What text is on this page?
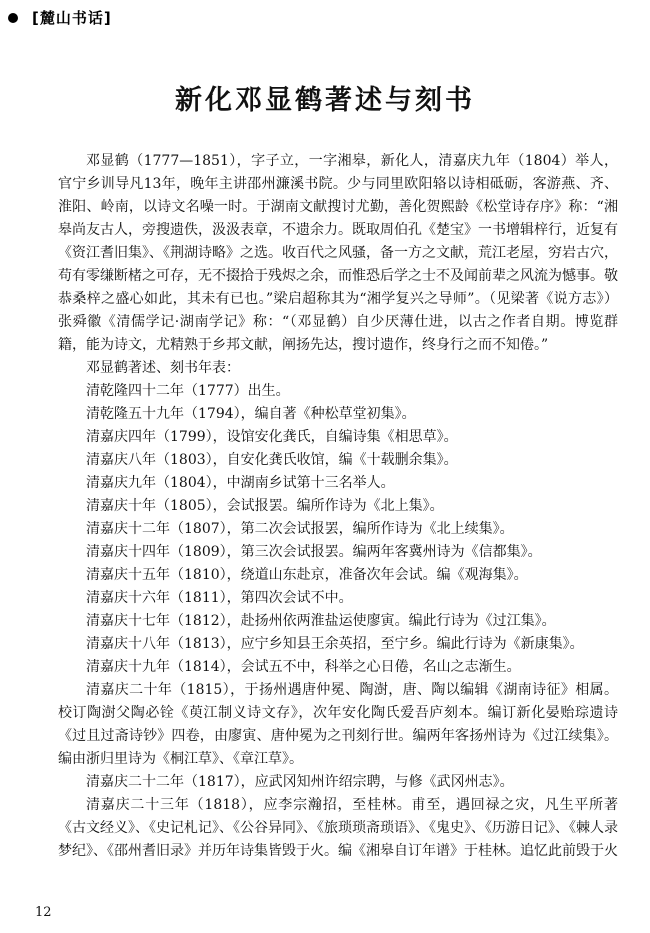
[麓山书话]
新化邓显鹤著述与刻书

邓显鹤（1777—1851），字子立，一字湘皋，新化人，清嘉庆九年（1804）举人，官宁乡训导凡13年，晚年主讲邵州濂溪书院。少与同里欧阳辂以诗相砥砺，客游燕、齐、淮阳、岭南，以诗文名噪一时。于湖南文献搜讨尤勤，善化贺熙龄《松堂诗存序》称：“湘皋尚友古人，旁搜遗佚，汲汲表章，不遗余力。既取周伯孔《楚宝》一书增辑梓行，近复有《资江耆旧集》、《荆湖诗略》之选。收百代之风骚，备一方之文献，荒江老屋，穷岩古穴，苟有零缣断楮之可存，无不掇拾于残烬之余，而惟恐后学之士不及闻前辈之风流为憾事。敬恭桑梓之盛心如此，其未有已也。”梁启超称其为“湘学复兴之导师”。（见梁著《说方志》）张舜徽《清儒学记·湖南学记》称：“（邓显鹤）自少厌薄仕进，以古之作者自期。博览群籍，能为诗文，尤精熟于乡邦文献，阐扬先达，搜讨遗作，终身行之而不知倦。”

邓显鹤著述、刻书年表：

清乾隆四十二年（1777）出生。
清乾隆五十九年（1794），编自著《种松草堂初集》。
清嘉庆四年（1799），设馆安化龚氏，自编诗集《相思草》。
清嘉庆八年（1803），自安化龚氏收馆，编《十载删余集》。
清嘉庆九年（1804），中湖南乡试第十三名举人。
清嘉庆十年（1805），会试报罢。编所作诗为《北上集》。
清嘉庆十二年（1807），第二次会试报罢，编所作诗为《北上续集》。
清嘉庆十四年（1809），第三次会试报罢。编两年客冀州诗为《信都集》。
清嘉庆十五年（1810），绕道山东赴京，准备次年会试。编《观海集》。
清嘉庆十六年（1811），第四次会试不中。
清嘉庆十七年（1812），赴扬州依两淮盐运使廖寅。编此行诗为《过江集》。
清嘉庆十八年（1813），应宁乡知县王余英招，至宁乡。编此行诗为《新康集》。
清嘉庆十九年（1814），会试五不中，科举之心日倦，名山之志渐生。
清嘉庆二十年（1815），于扬州遇唐仲冕、陶澍，唐、陶以编辑《湖南诗征》相属。校订陶澍父陶必铨《萸江制义诗文存》，次年安化陶氏爱吾庐刻本。编订新化晏贻琮遗诗《过且过斋诗钞》四卷，由廖寅、唐仲冕为之刊刻行世。编两年客扬州诗为《过江续集》。编由浙归里诗为《桐江草》、《章江草》。
清嘉庆二十二年（1817），应武冈知州许绍宗聘，与修《武冈州志》。
清嘉庆二十三年（1818），应李宗瀚招，至桂林。甫至，遇回禄之灾，凡生平所著《古文经义》、《史记札记》、《公谷异同》、《旅琐琐斋琐语》、《鬼史》、《历游日记》、《棘人录梦纪》、《邵州耆旧录》并历年诗集皆毁于火。编《湘皋自订年谱》于桂林。追忆此前毁于火
12
